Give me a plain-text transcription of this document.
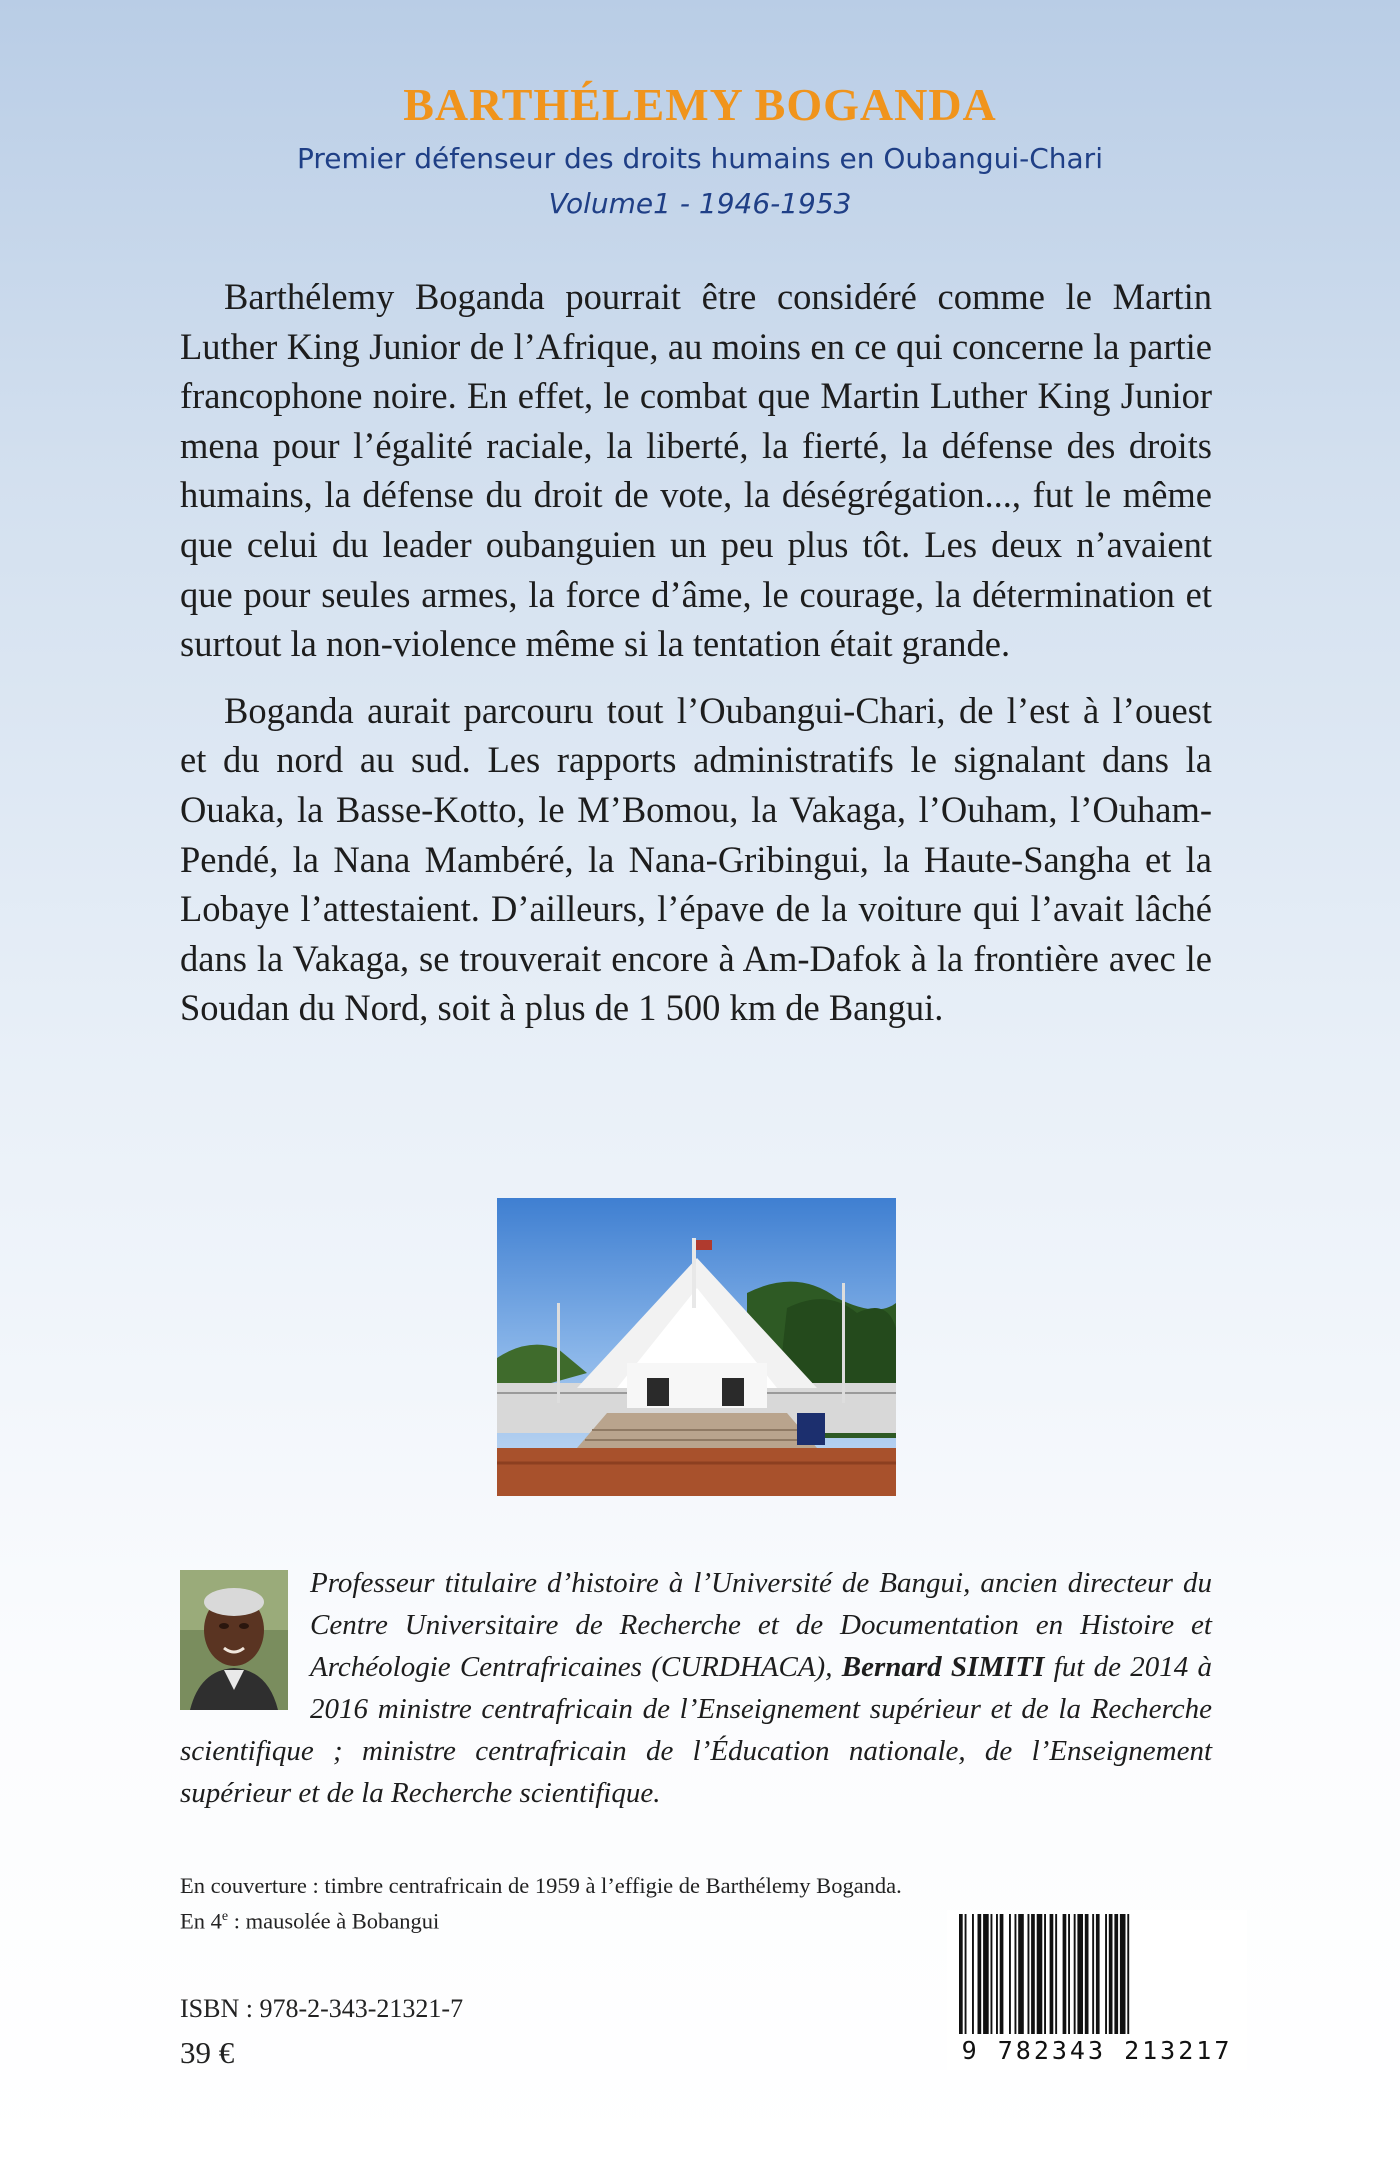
BARTHÉLEMY BOGANDA
Premier défenseur des droits humains en Oubangui-Chari
Volume1 - 1946-1953

Barthélemy Boganda pourrait être considéré comme le Martin Luther King Junior de l’Afrique, au moins en ce qui concerne la partie francophone noire. En effet, le combat que Martin Luther King Junior mena pour l’égalité raciale, la liberté, la fierté, la défense des droits humains, la défense du droit de vote, la déségrégation..., fut le même que celui du leader oubanguien un peu plus tôt. Les deux n’avaient que pour seules armes, la force d’âme, le courage, la détermination et surtout la non-violence même si la tentation était grande.

Boganda aurait parcouru tout l’Oubangui-Chari, de l’est à l’ouest et du nord au sud. Les rapports administratifs le signalant dans la Ouaka, la Basse-Kotto, le M’Bomou, la Vakaga, l’Ouham, l’Ouham-Pendé, la Nana Mambéré, la Nana-Gribingui, la Haute-Sangha et la Lobaye l’attestaient. D’ailleurs, l’épave de la voiture qui l’avait lâché dans la Vakaga, se trouverait encore à Am-Dafok à la frontière avec le Soudan du Nord, soit à plus de 1 500 km de Bangui.

Professeur titulaire d’histoire à l’Université de Bangui, ancien directeur du Centre Universitaire de Recherche et de Documentation en Histoire et Archéologie Centrafricaines (CURDHACA), Bernard SIMITI fut de 2014 à 2016 ministre centrafricain de l’Enseignement supérieur et de la Recherche scientifique ; ministre centrafricain de l’Éducation nationale, de l’Enseignement supérieur et de la Recherche scientifique.
En couverture : timbre centrafricain de 1959 à l’effigie de Barthélemy Boganda.
En 4e : mausolée à Bobangui
ISBN : 978-2-343-21321-7
39 €	9 782343 213217
